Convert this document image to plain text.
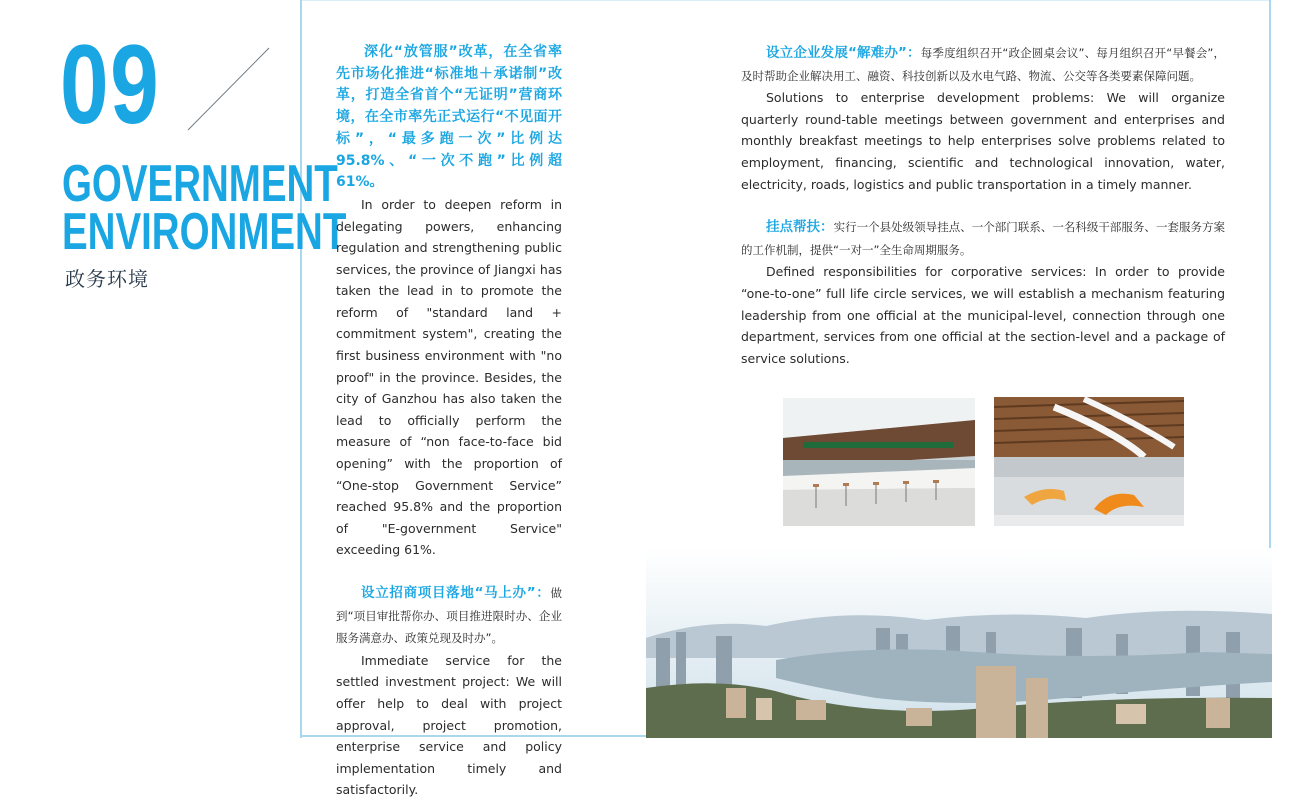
09
GOVERNMENT
ENVIRONMENT
政务环境

深化“放管服”改革，在全省率先市场化推进“标准地＋承诺制”改革，打造全省首个“无证明”营商环境，在全市率先正式运行“不见面开标”，“最多跑一次”比例达 95.8%、“一次不跑”比例超 61%。

In order to deepen reform in delegating powers, enhancing regulation and strengthening public services, the province of Jiangxi has taken the lead in to promote the reform of "standard land + commitment system", creating the first business environment with "no proof" in the province. Besides, the city of Ganzhou has also taken the lead to officially perform the measure of “non face-to-face bid opening” with the proportion of “One-stop Government Service” reached 95.8% and the proportion of "E-government Service" exceeding 61%.

设立招商项目落地“马上办”：做到“项目审批帮你办、项目推进限时办、企业服务满意办、政策兑现及时办”。

Immediate service for the settled investment project: We will offer help to deal with project approval, project promotion, enterprise service and policy implementation timely and satisfactorily.

设立企业发展“解难办”：每季度组织召开“政企圆桌会议”、每月组织召开“早餐会”，及时帮助企业解决用工、融资、科技创新以及水电气路、物流、公交等各类要素保障问题。

Solutions to enterprise development problems: We will organize quarterly round-table meetings between government and enterprises and monthly breakfast meetings to help enterprises solve problems related to employment, financing, scientific and technological innovation, water, electricity, roads, logistics and public transportation in a timely manner.

挂点帮扶：实行一个县处级领导挂点、一个部门联系、一名科级干部服务、一套服务方案的工作机制，提供“一对一”全生命周期服务。

Defined responsibilities for corporative services: In order to provide “one-to-one” full life circle services, we will establish a mechanism featuring leadership from one official at the municipal-level, connection through one department, services from one official at the section-level and a package of service solutions.
